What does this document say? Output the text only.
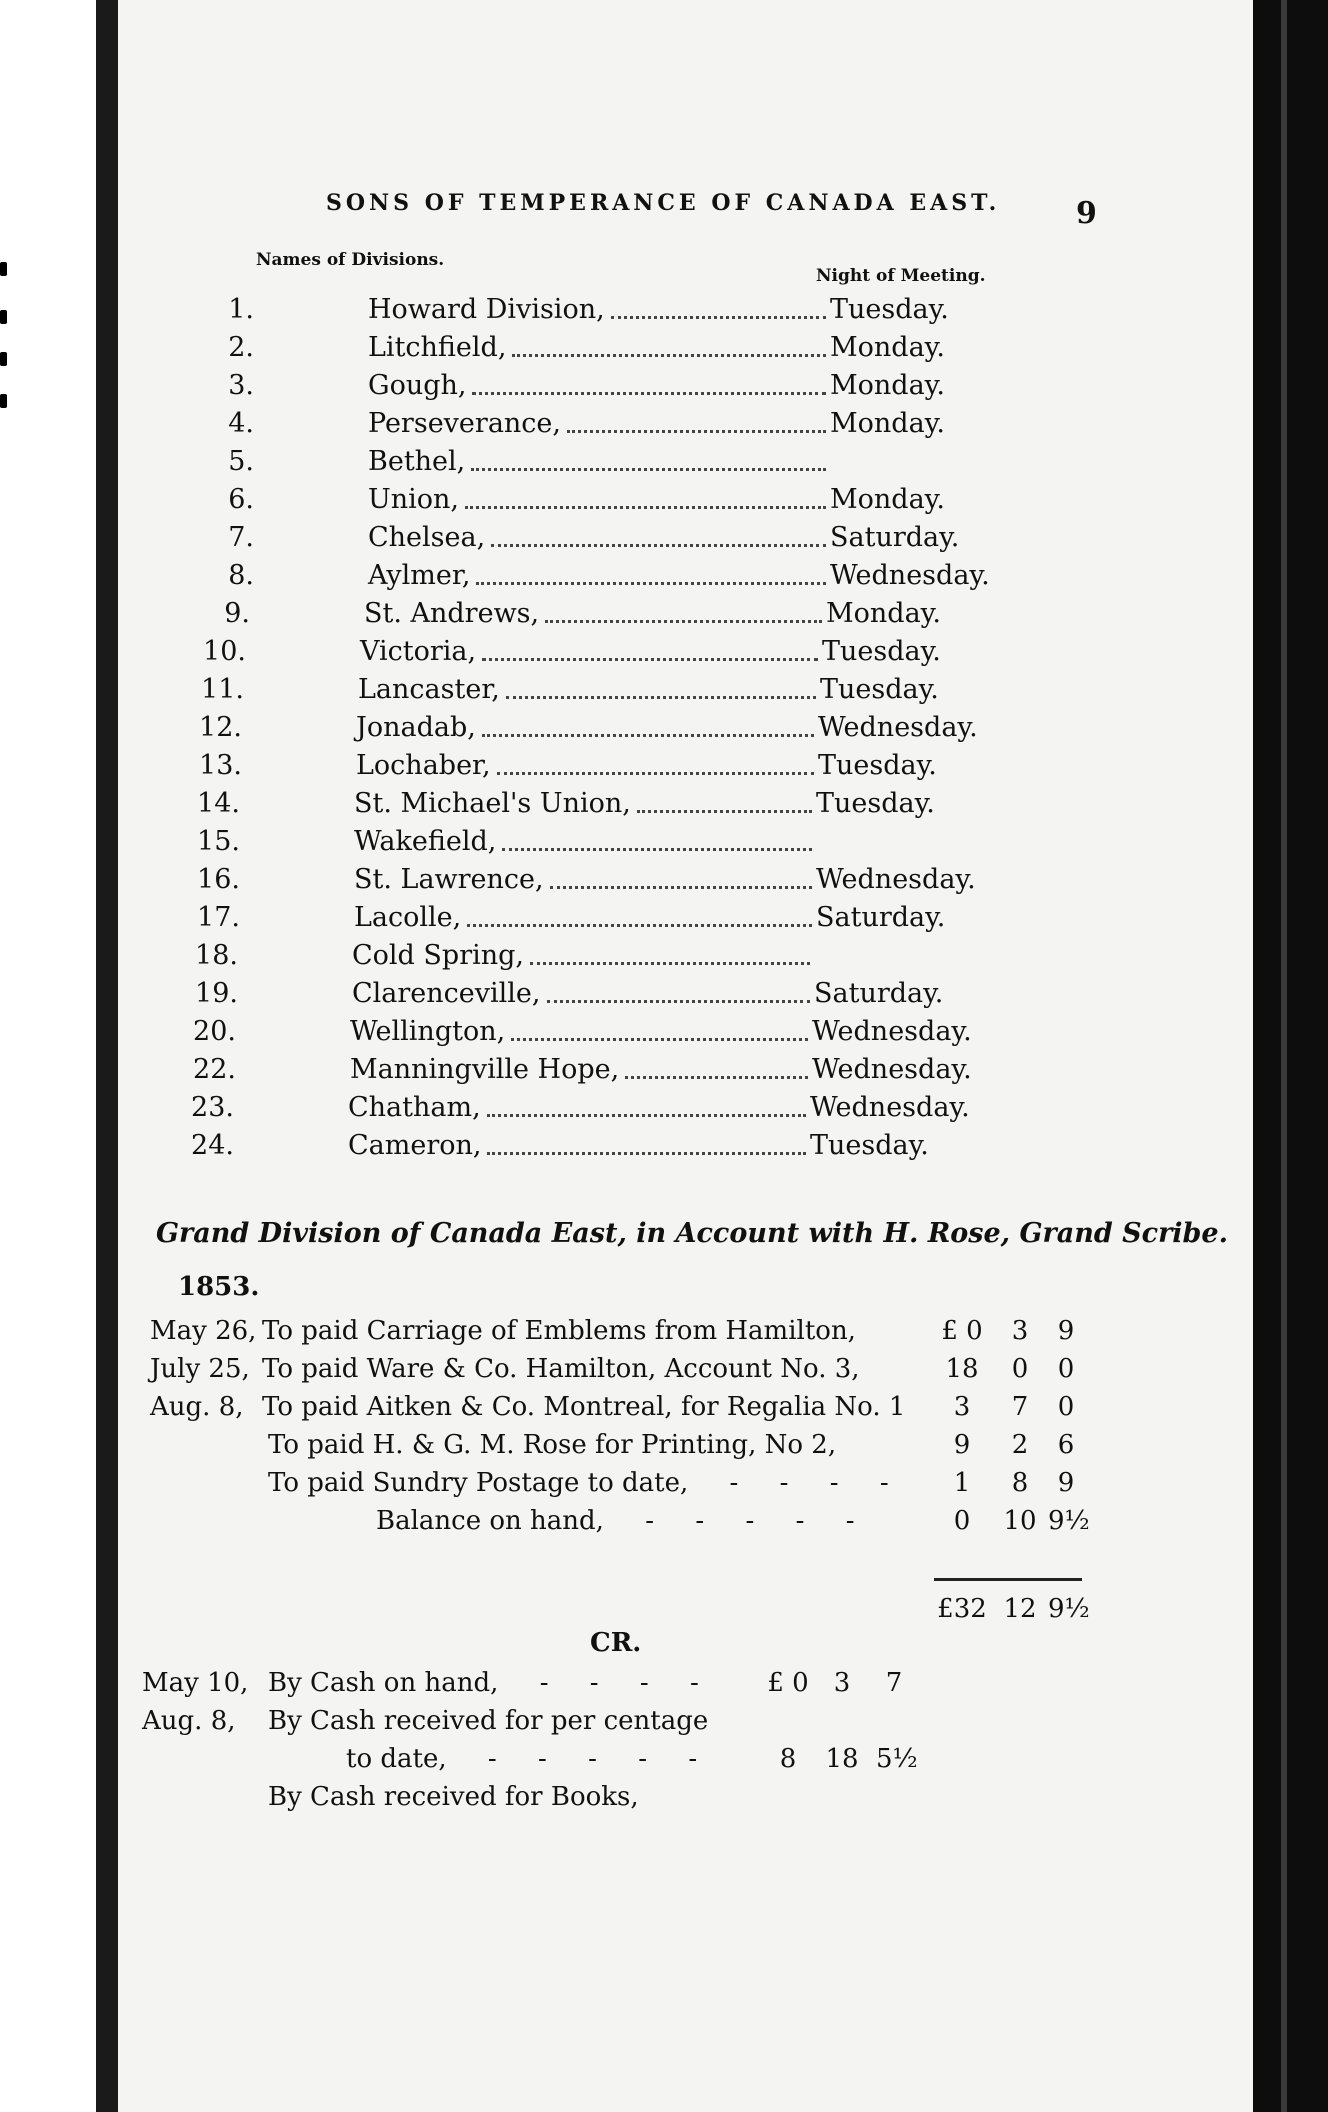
SONS OF TEMPERANCE OF CANADA EAST.	9
Names of Divisions.
Night of Meeting.
1.	Howard Division,	Tuesday.
2.	Litchfield,	Monday.
3.	Gough,	Monday.
4.	Perseverance,	Monday.
5.	Bethel,
6.	Union,	Monday.
7.	Chelsea,	Saturday.
8.	Aylmer,	Wednesday.
9.	St. Andrews,	Monday.
10.	Victoria,	Tuesday.
11.	Lancaster,	Tuesday.
12.	Jonadab,	Wednesday.
13.	Lochaber,	Tuesday.
14.	St. Michael's Union,	Tuesday.
15.	Wakefield,
16.	St. Lawrence,	Wednesday.
17.	Lacolle,	Saturday.
18.	Cold Spring,
19.	Clarenceville,	Saturday.
20.	Wellington,	Wednesday.
22.	Manningville Hope,	Wednesday.
23.	Chatham,	Wednesday.
24.	Cameron,	Tuesday.
Grand Division of Canada East, in Account with H. Rose, Grand Scribe.
1853.
May 26, To paid Carriage of Emblems from Hamilton,	£ 0	3	9
July 25, To paid Ware & Co. Hamilton, Account No. 3,	18	0	0
Aug. 8, To paid Aitken & Co. Montreal, for Regalia No. 1	3	7	0
To paid H. & G. M. Rose for Printing, No 2,	9	2	6
To paid Sundry Postage to date,     -     -     -     -	1	8	9
Balance on hand,     -     -     -     -     -	0	10 9½
£32 12 9½
CR.
May 10, By Cash on hand,     -     -     -     -	£ 0 3	7
Aug. 8, By Cash received for per centage
to date,     -     -     -     -     -	8	18 5½
By Cash received for Books,
